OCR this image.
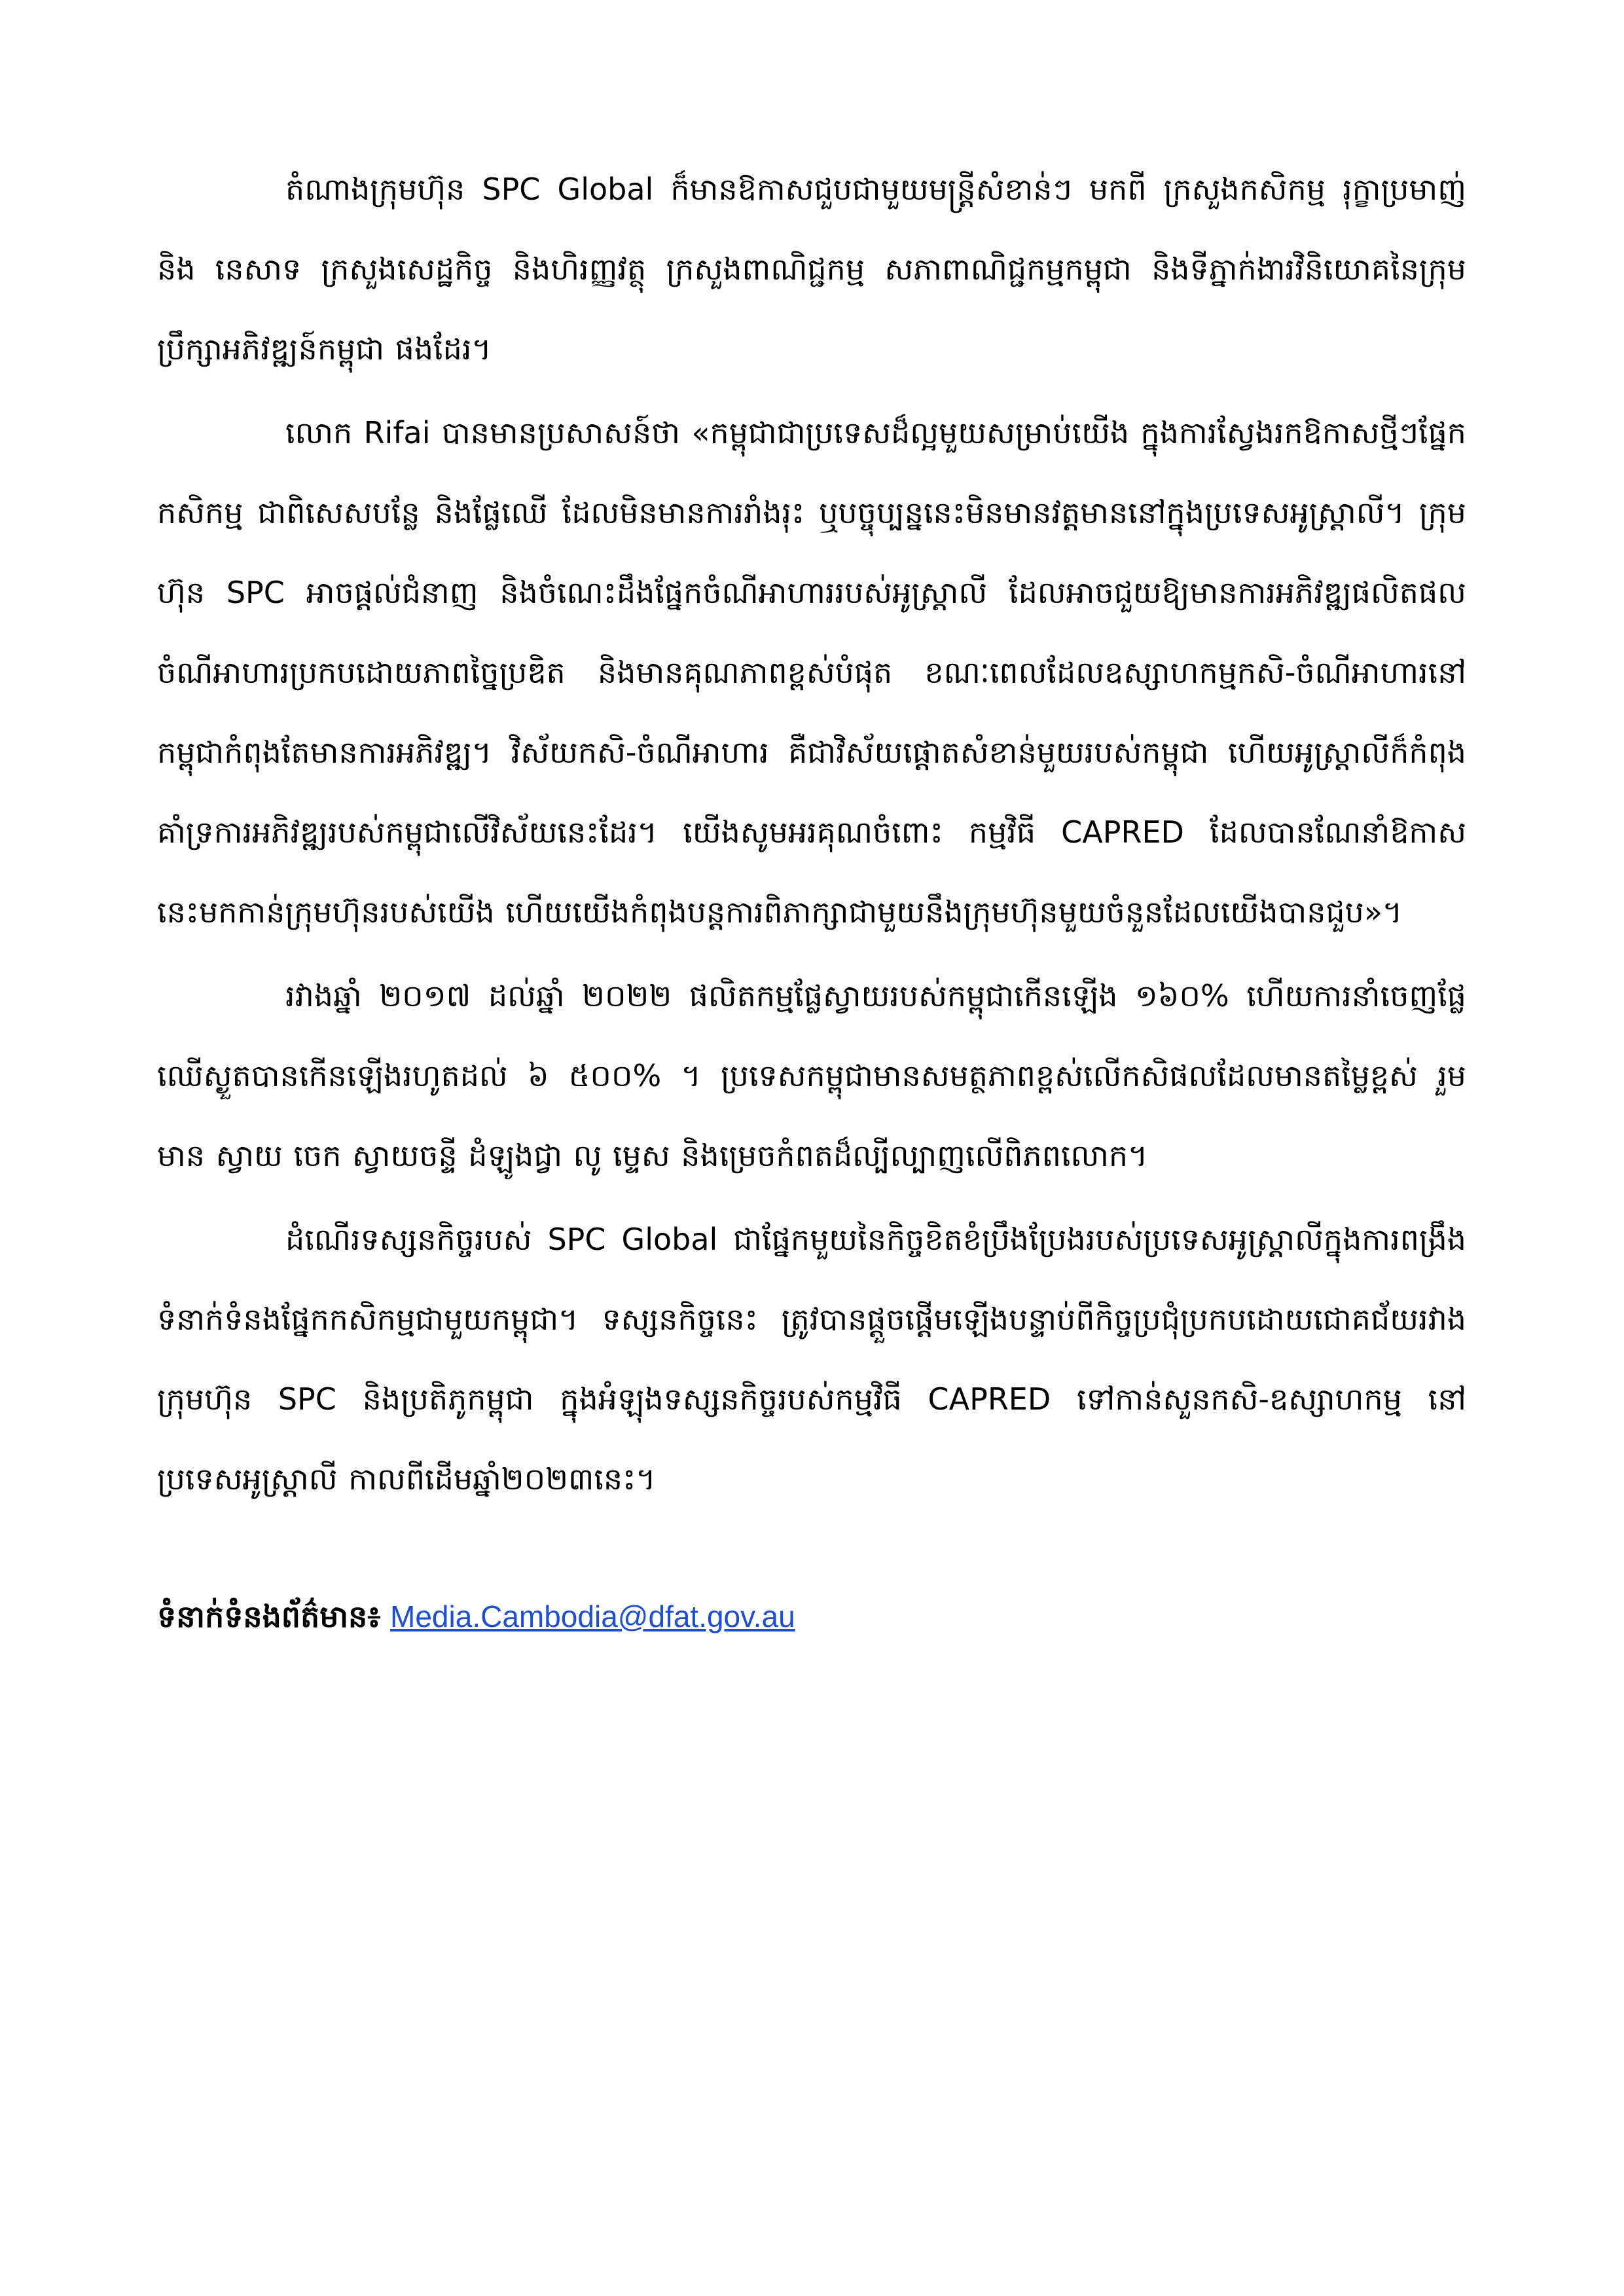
តំណាងក្រុមហ៊ុន SPC Global ក៏មានឱកាសជួបជាមួយមន្ត្រីសំខាន់ៗ មកពី ក្រសួងកសិកម្ម រុក្ខាប្រមាញ់ និង នេសាទ ក្រសួងសេដ្ឋកិច្ច និងហិរញ្ញវត្ថុ ក្រសួងពាណិជ្ជកម្ម សភាពាណិជ្ជកម្មកម្ពុជា និងទីភ្នាក់ងារវិនិយោគនៃក្រុមប្រឹក្សាអភិវឌ្ឍន៍កម្ពុជា ផងដែរ។

លោក Rifai បានមានប្រសាសន៍ថា «កម្ពុជាជាប្រទេសដ៏ល្អមួយសម្រាប់យើង ក្នុងការស្វែងរកឱកាសថ្មីៗផ្នែកកសិកម្ម ជាពិសេសបន្លែ និងផ្លែឈើ ដែលមិនមានការរាំងរុះ ឬបច្ចុប្បន្ននេះមិនមានវត្តមាននៅក្នុងប្រទេសអូស្ត្រាលី។ ក្រុមហ៊ុន SPC អាចផ្តល់ជំនាញ និងចំណេះដឹងផ្នែកចំណីអាហាររបស់អូស្ត្រាលី ដែលអាចជួយឱ្យមានការអភិវឌ្ឍផលិតផលចំណីអាហារប្រកបដោយភាពច្នៃប្រឌិត និងមានគុណភាពខ្ពស់បំផុត ខណៈពេលដែលឧស្សាហកម្មកសិ-ចំណីអាហារនៅកម្ពុជាកំពុងតែមានការអភិវឌ្ឍ។ វិស័យកសិ-ចំណីអាហារ គឺជាវិស័យផ្តោតសំខាន់មួយរបស់កម្ពុជា ហើយអូស្ត្រាលីក៏កំពុងគាំទ្រការអភិវឌ្ឍរបស់កម្ពុជាលើវិស័យនេះដែរ។ យើងសូមអរគុណចំពោះ កម្មវិធី CAPRED ដែលបានណែនាំឱកាសនេះមកកាន់ក្រុមហ៊ុនរបស់យើង ហើយយើងកំពុងបន្តការពិភាក្សាជាមួយនឹងក្រុមហ៊ុនមួយចំនួនដែលយើងបានជួប»។

រវាងឆ្នាំ ២០១៧ ដល់ឆ្នាំ ២០២២ ផលិតកម្មផ្លែស្វាយរបស់កម្ពុជាកើនឡើង ១៦០% ហើយការនាំចេញផ្លែឈើស្ងួតបានកើនឡើងរហូតដល់ ៦ ៥០០% ។ ប្រទេសកម្ពុជាមានសមត្ថភាពខ្ពស់លើកសិផលដែលមានតម្លៃខ្ពស់ រួមមាន ស្វាយ ចេក ស្វាយចន្ទី ដំឡូងជ្វា លូ ម្ទេស និងម្រេចកំពតដ៏ល្បីល្បាញលើពិភពលោក។

ដំណើរទស្សនកិច្ចរបស់ SPC Global ជាផ្នែកមួយនៃកិច្ចខិតខំប្រឹងប្រែងរបស់ប្រទេសអូស្ត្រាលីក្នុងការពង្រឹងទំនាក់ទំនងផ្នែកកសិកម្មជាមួយកម្ពុជា។ ទស្សនកិច្ចនេះ ត្រូវបានផ្តួចផ្តើមឡើងបន្ទាប់ពីកិច្ចប្រជុំប្រកបដោយជោគជ័យរវាងក្រុមហ៊ុន SPC និងប្រតិភូកម្ពុជា ក្នុងអំឡុងទស្សនកិច្ចរបស់កម្មវិធី CAPRED ទៅកាន់សួនកសិ-ឧស្សាហកម្ម នៅប្រទេសអូស្ត្រាលី កាលពីដើមឆ្នាំ២០២៣នេះ។

ទំនាក់ទំនងព័ត៌មាន៖ Media.Cambodia@dfat.gov.au
